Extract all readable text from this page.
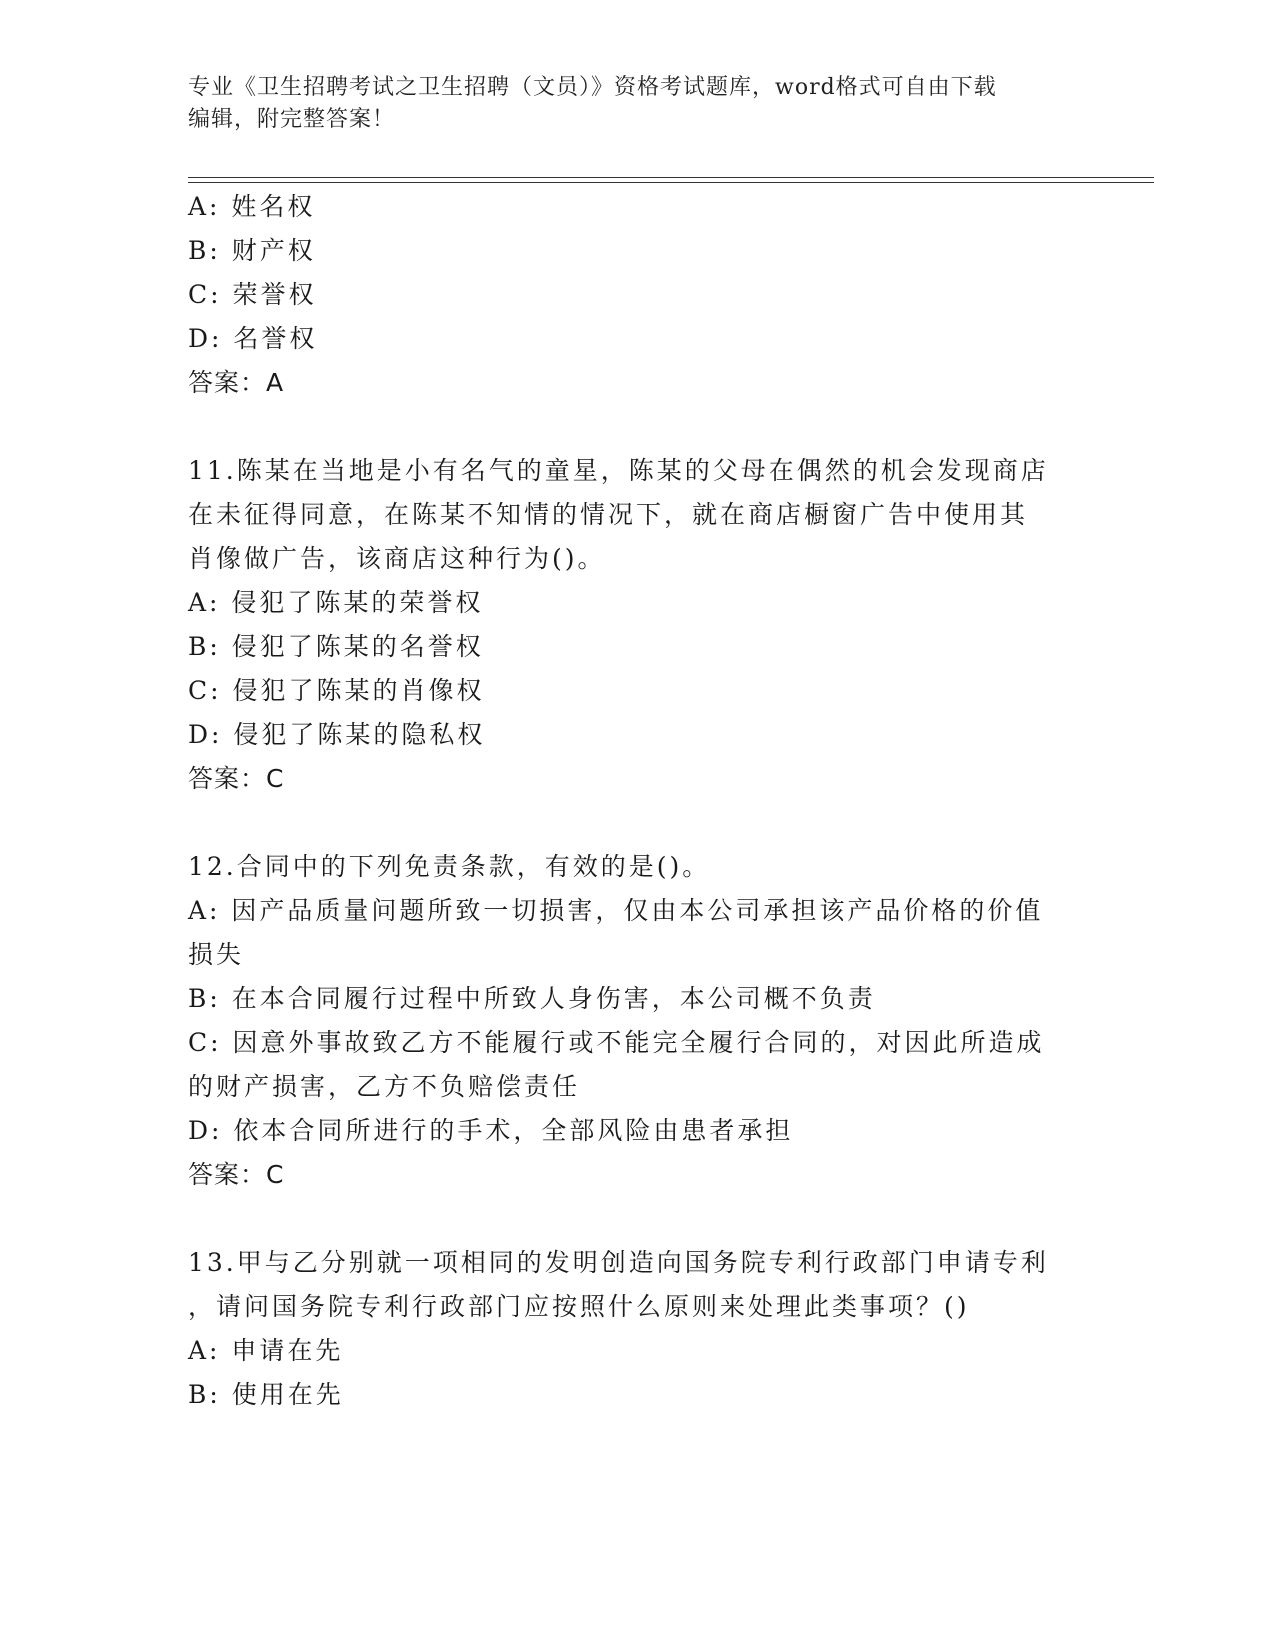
专业《卫生招聘考试之卫生招聘（文员）》资格考试题库，word格式可自由下载
编辑，附完整答案！
A: 姓名权
B: 财产权
C: 荣誉权
D: 名誉权
答案：A
11.陈某在当地是小有名气的童星，陈某的父母在偶然的机会发现商店
在未征得同意，在陈某不知情的情况下，就在商店橱窗广告中使用其
肖像做广告，该商店这种行为()。
A: 侵犯了陈某的荣誉权
B: 侵犯了陈某的名誉权
C: 侵犯了陈某的肖像权
D: 侵犯了陈某的隐私权
答案：C
12.合同中的下列免责条款，有效的是()。
A: 因产品质量问题所致一切损害，仅由本公司承担该产品价格的价值
损失
B: 在本合同履行过程中所致人身伤害，本公司概不负责
C: 因意外事故致乙方不能履行或不能完全履行合同的，对因此所造成
的财产损害，乙方不负赔偿责任
D: 依本合同所进行的手术，全部风险由患者承担
答案：C
13.甲与乙分别就一项相同的发明创造向国务院专利行政部门申请专利
，请问国务院专利行政部门应按照什么原则来处理此类事项？()
A: 申请在先
B: 使用在先
